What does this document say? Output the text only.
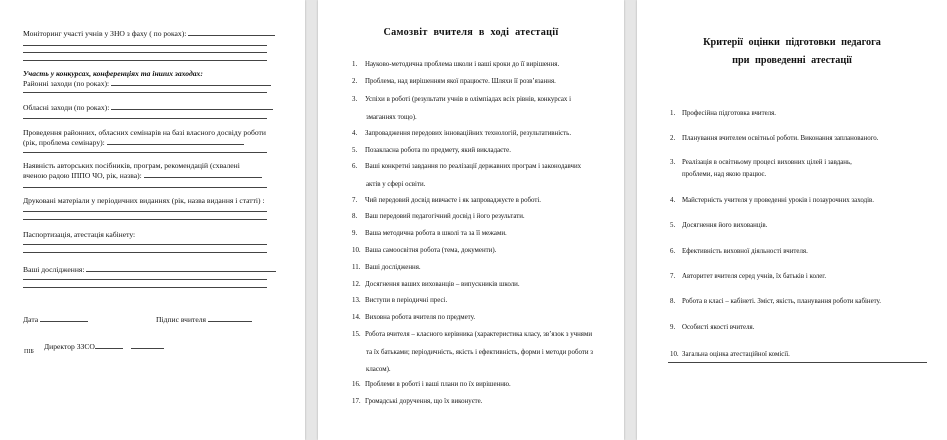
Моніторинг участі учнів у ЗНО з фаху ( по роках):
Участь у конкурсах, конференціях та інших заходах:
Районні заходи (по роках):
Обласні заходи (по роках):
Проведення районних, обласних семінарів на базі власного досвіду роботи
(рік, проблема семінару):
Наявність авторських посібників, програм, рекомендацій (схвалені
вченою радою ІППО ЧО, рік, назва):
Друковані матеріали у періодичних виданнях (рік, назва видання і статті) :
Паспортизація, атестація кабінету:
Ваші дослідження:
Дата	Підпис вчителя
Директор ЗЗСО
ПІБ
Самозвіт вчителя в ході атестації
1. Науково-методична проблема школи і ваші кроки до її вирішення.
2. Проблема, над вирішенням якої працюєте. Шляхи її розв’язання.
3. Успіхи в роботі (результати учнів в олімпіадах всіх рівнів, конкурсах і
змаганнях тощо).
4. Запровадження передових інноваційних технологій, результативність.
5. Позакласна робота по предмету, який викладаєте.
6. Ваші конкретні завдання по реалізації державних програм і законодавчих
актів у сфері освіти.
7. Чий передовий досвід вивчаєте і як запроваджуєте в роботі.
8. Ваш передовий педагогічний досвід і його результати.
9. Ваша методична робота в школі та за її межами.
10. Ваша самоосвітня робота (тема, документи).
11. Ваші дослідження.
12. Досягнення ваших вихованців – випускників школи.
13. Виступи в періодичні пресі.
14. Виховна робота вчителя по предмету.
15. Робота вчителя – класного керівника (характеристика класу, зв’язок з учнями
та їх батьками; періодичність, якість і ефективність, форми і методи роботи з
класом).
16. Проблеми в роботі і ваші плани по їх вирішенню.
17. Громадські доручення, що їх виконуєте.
Критерії оцінки підготовки педагога
при проведенні атестації
1. Професійна підготовка вчителя.
2. Планування вчителем освітньої роботи. Виконання запланованого.
3. Реалізація в освітньому процесі виховних цілей і завдань,
проблеми, над якою працює.
4. Майстерність учителя у проведенні уроків і позаурочних заходів.
5. Досягнення його вихованців.
6. Ефективність виховної діяльності вчителя.
7. Авторитет вчителя серед учнів, їх батьків і колег.
8. Робота в класі – кабінеті. Зміст, якість, планування роботи кабінету.
9. Особисті якості вчителя.
10. Загальна оцінка атестаційної комісії.
